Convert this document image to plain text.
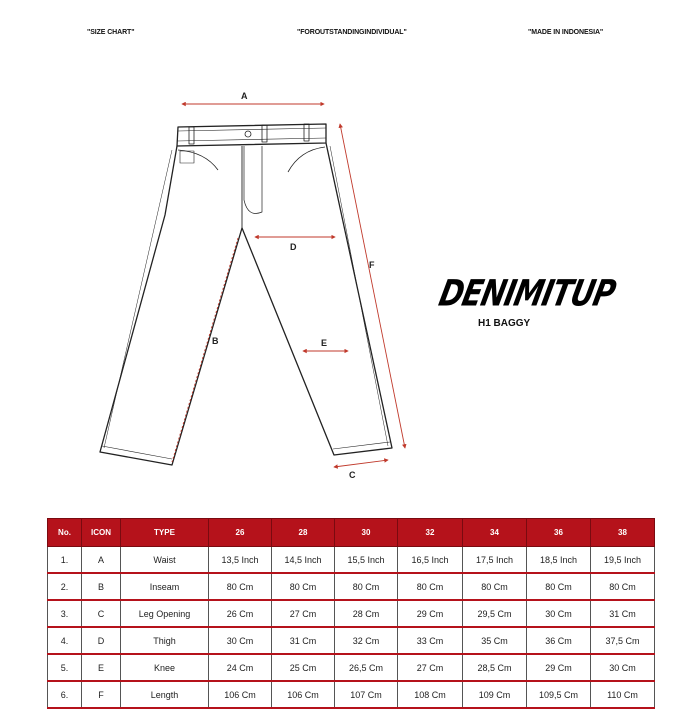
"SIZE CHART"	"FOROUTSTANDINGINDIVIDUAL"	"MADE IN INDONESIA"
A
B
C
D
E
F
DENIMITUP
H1 BAGGY
No.	ICON	TYPE	26	28	30	32	34	36	38
1.	A	Waist	13,5 Inch	14,5 Inch	15,5 Inch	16,5 Inch	17,5 Inch	18,5 Inch	19,5 Inch
2.	B	Inseam	80 Cm	80 Cm	80 Cm	80 Cm	80 Cm	80 Cm	80 Cm
3.	C	Leg Opening	26 Cm	27 Cm	28 Cm	29 Cm	29,5 Cm	30 Cm	31 Cm
4.	D	Thigh	30 Cm	31 Cm	32 Cm	33 Cm	35 Cm	36 Cm	37,5 Cm
5.	E	Knee	24 Cm	25 Cm	26,5 Cm	27 Cm	28,5 Cm	29 Cm	30 Cm
6.	F	Length	106 Cm	106 Cm	107 Cm	108 Cm	109 Cm	109,5 Cm	110 Cm
